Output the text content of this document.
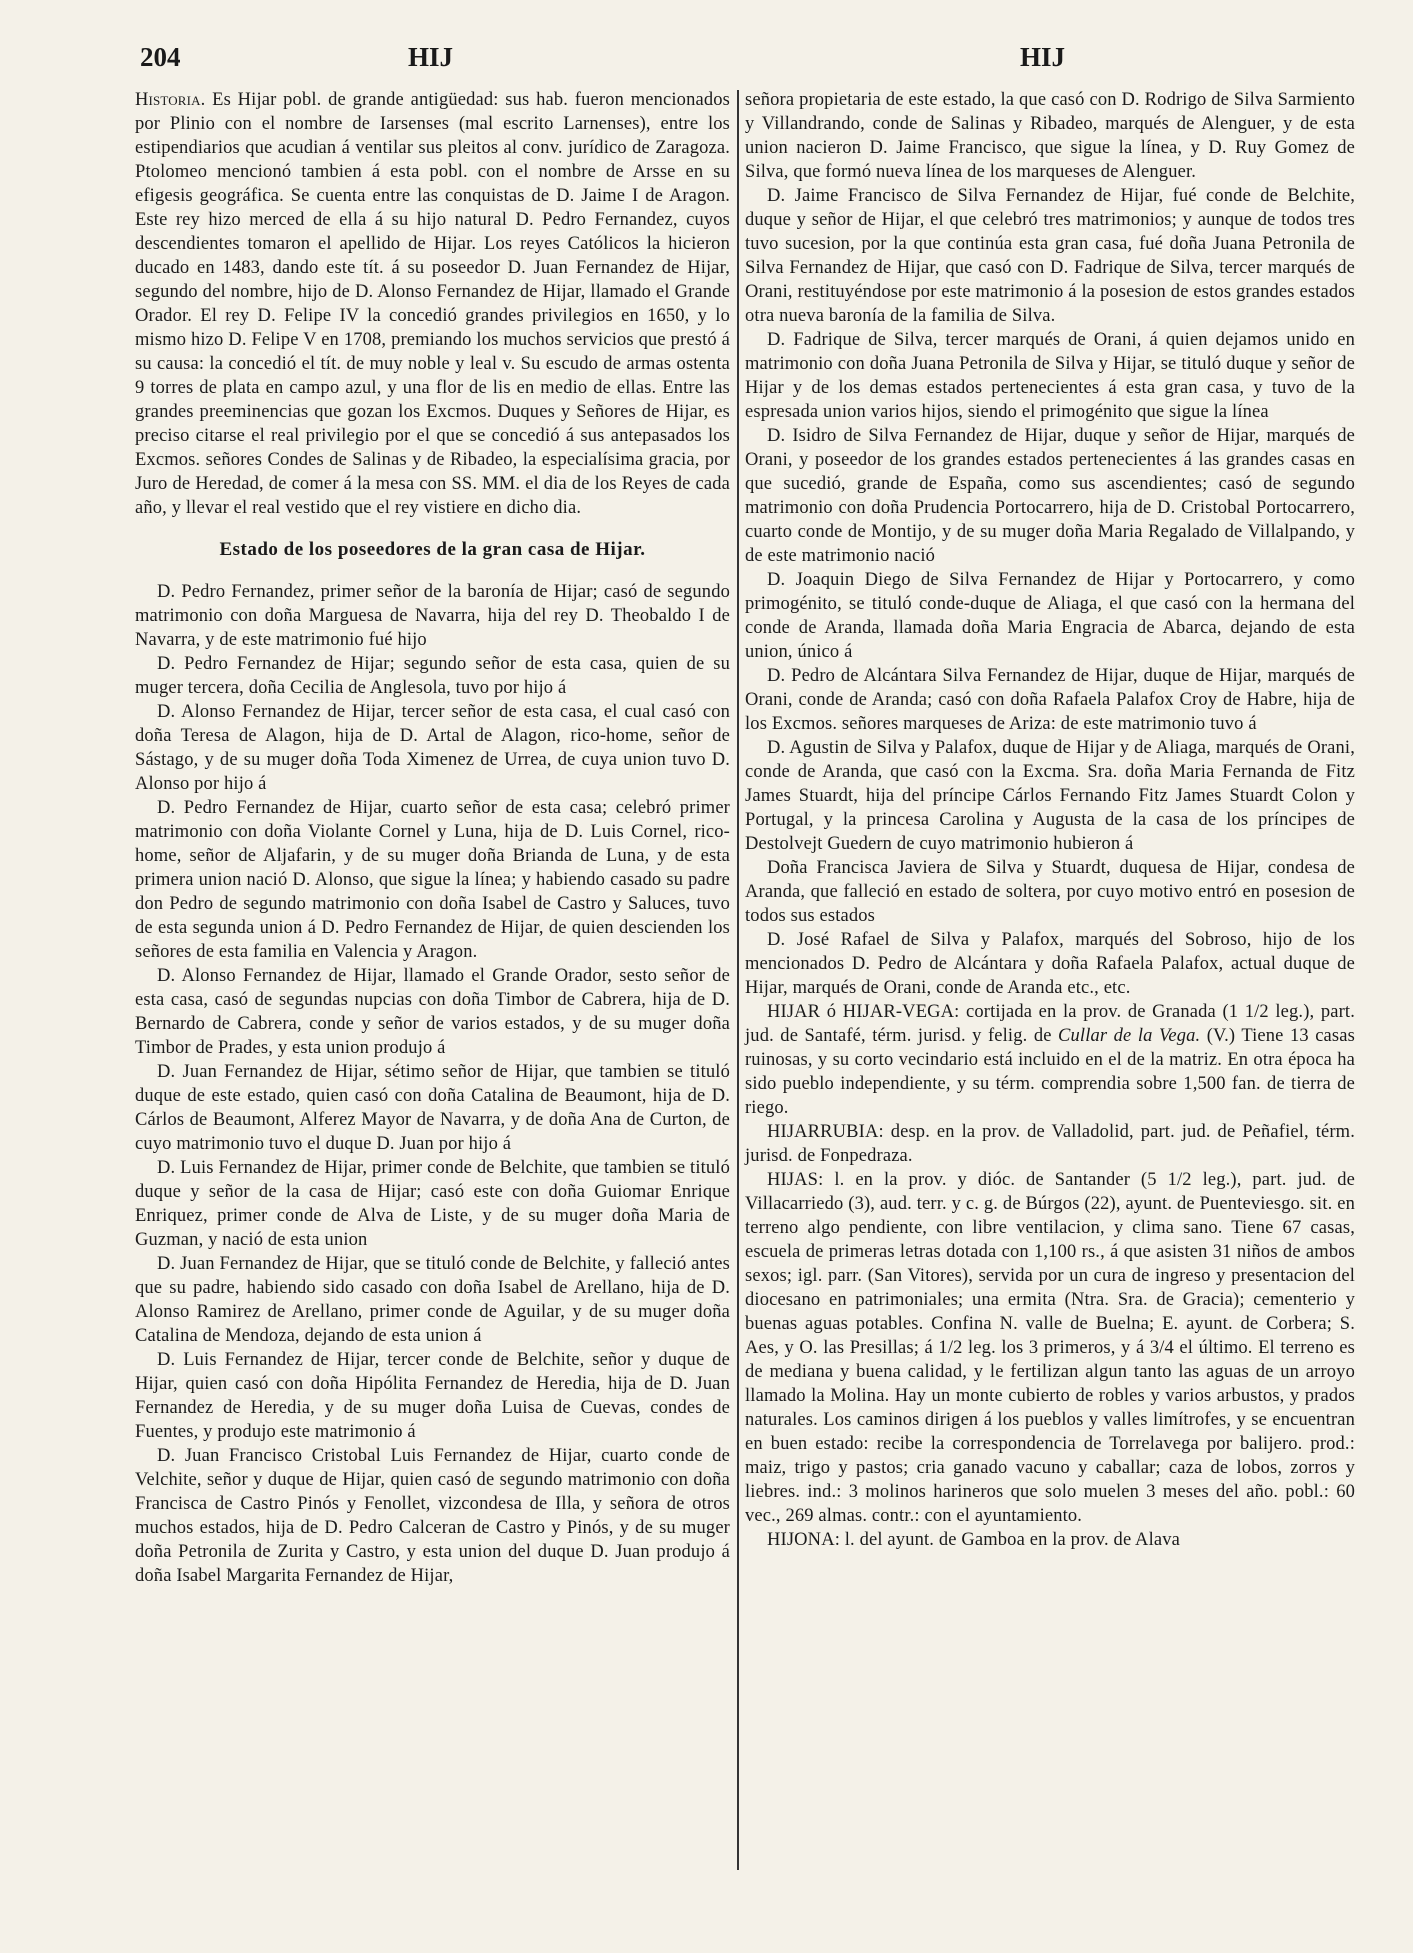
204	HIJ	HIJ

Historia. Es Hijar pobl. de grande antigüedad: sus hab. fueron mencionados por Plinio con el nombre de Iarsenses (mal escrito Larnenses), entre los estipendiarios que acudian á ventilar sus pleitos al conv. jurídico de Zaragoza. Ptolomeo mencionó tambien á esta pobl. con el nombre de Arsse en su efigesis geográfica. Se cuenta entre las conquistas de D. Jaime I de Aragon. Este rey hizo merced de ella á su hijo natural D. Pedro Fernandez, cuyos descendientes tomaron el apellido de Hijar. Los reyes Católicos la hicieron ducado en 1483, dando este tít. á su poseedor D. Juan Fernandez de Hijar, segundo del nombre, hijo de D. Alonso Fernandez de Hijar, llamado el Grande Orador. El rey D. Felipe IV la concedió grandes privilegios en 1650, y lo mismo hizo D. Felipe V en 1708, premiando los muchos servicios que prestó á su causa: la concedió el tít. de muy noble y leal v. Su escudo de armas ostenta 9 torres de plata en campo azul, y una flor de lis en medio de ellas. Entre las grandes preeminencias que gozan los Excmos. Duques y Señores de Hijar, es preciso citarse el real privilegio por el que se concedió á sus antepasados los Excmos. señores Condes de Salinas y de Ribadeo, la especialísima gracia, por Juro de Heredad, de comer á la mesa con SS. MM. el dia de los Reyes de cada año, y llevar el real vestido que el rey vistiere en dicho dia.

Estado de los poseedores de la gran casa de Hijar.

D. Pedro Fernandez, primer señor de la baronía de Hijar; casó de segundo matrimonio con doña Marguesa de Navarra, hija del rey D. Theobaldo I de Navarra, y de este matrimonio fué hijo

D. Pedro Fernandez de Hijar; segundo señor de esta casa, quien de su muger tercera, doña Cecilia de Anglesola, tuvo por hijo á

D. Alonso Fernandez de Hijar, tercer señor de esta casa, el cual casó con doña Teresa de Alagon, hija de D. Artal de Alagon, rico-home, señor de Sástago, y de su muger doña Toda Ximenez de Urrea, de cuya union tuvo D. Alonso por hijo á

D. Pedro Fernandez de Hijar, cuarto señor de esta casa; celebró primer matrimonio con doña Violante Cornel y Luna, hija de D. Luis Cornel, rico-home, señor de Aljafarin, y de su muger doña Brianda de Luna, y de esta primera union nació D. Alonso, que sigue la línea; y habiendo casado su padre don Pedro de segundo matrimonio con doña Isabel de Castro y Saluces, tuvo de esta segunda union á D. Pedro Fernandez de Hijar, de quien descienden los señores de esta familia en Valencia y Aragon.

D. Alonso Fernandez de Hijar, llamado el Grande Orador, sesto señor de esta casa, casó de segundas nupcias con doña Timbor de Cabrera, hija de D. Bernardo de Cabrera, conde y señor de varios estados, y de su muger doña Timbor de Prades, y esta union produjo á

D. Juan Fernandez de Hijar, sétimo señor de Hijar, que tambien se tituló duque de este estado, quien casó con doña Catalina de Beaumont, hija de D. Cárlos de Beaumont, Alferez Mayor de Navarra, y de doña Ana de Curton, de cuyo matrimonio tuvo el duque D. Juan por hijo á

D. Luis Fernandez de Hijar, primer conde de Belchite, que tambien se tituló duque y señor de la casa de Hijar; casó este con doña Guiomar Enrique Enriquez, primer conde de Alva de Liste, y de su muger doña Maria de Guzman, y nació de esta union

D. Juan Fernandez de Hijar, que se tituló conde de Belchite, y falleció antes que su padre, habiendo sido casado con doña Isabel de Arellano, hija de D. Alonso Ramirez de Arellano, primer conde de Aguilar, y de su muger doña Catalina de Mendoza, dejando de esta union á

D. Luis Fernandez de Hijar, tercer conde de Belchite, señor y duque de Hijar, quien casó con doña Hipólita Fernandez de Heredia, hija de D. Juan Fernandez de Heredia, y de su muger doña Luisa de Cuevas, condes de Fuentes, y produjo este matrimonio á

D. Juan Francisco Cristobal Luis Fernandez de Hijar, cuarto conde de Velchite, señor y duque de Hijar, quien casó de segundo matrimonio con doña Francisca de Castro Pinós y Fenollet, vizcondesa de Illa, y señora de otros muchos estados, hija de D. Pedro Calceran de Castro y Pinós, y de su muger doña Petronila de Zurita y Castro, y esta union del duque D. Juan produjo á doña Isabel Margarita Fernandez de Hijar,

señora propietaria de este estado, la que casó con D. Rodrigo de Silva Sarmiento y Villandrando, conde de Salinas y Ribadeo, marqués de Alenguer, y de esta union nacieron D. Jaime Francisco, que sigue la línea, y D. Ruy Gomez de Silva, que formó nueva línea de los marqueses de Alenguer.

D. Jaime Francisco de Silva Fernandez de Hijar, fué conde de Belchite, duque y señor de Hijar, el que celebró tres matrimonios; y aunque de todos tres tuvo sucesion, por la que continúa esta gran casa, fué doña Juana Petronila de Silva Fernandez de Hijar, que casó con D. Fadrique de Silva, tercer marqués de Orani, restituyéndose por este matrimonio á la posesion de estos grandes estados otra nueva baronía de la familia de Silva.

D. Fadrique de Silva, tercer marqués de Orani, á quien dejamos unido en matrimonio con doña Juana Petronila de Silva y Hijar, se tituló duque y señor de Hijar y de los demas estados pertenecientes á esta gran casa, y tuvo de la espresada union varios hijos, siendo el primogénito que sigue la línea

D. Isidro de Silva Fernandez de Hijar, duque y señor de Hijar, marqués de Orani, y poseedor de los grandes estados pertenecientes á las grandes casas en que sucedió, grande de España, como sus ascendientes; casó de segundo matrimonio con doña Prudencia Portocarrero, hija de D. Cristobal Portocarrero, cuarto conde de Montijo, y de su muger doña Maria Regalado de Villalpando, y de este matrimonio nació

D. Joaquin Diego de Silva Fernandez de Hijar y Portocarrero, y como primogénito, se tituló conde-duque de Aliaga, el que casó con la hermana del conde de Aranda, llamada doña Maria Engracia de Abarca, dejando de esta union, único á

D. Pedro de Alcántara Silva Fernandez de Hijar, duque de Hijar, marqués de Orani, conde de Aranda; casó con doña Rafaela Palafox Croy de Habre, hija de los Excmos. señores marqueses de Ariza: de este matrimonio tuvo á

D. Agustin de Silva y Palafox, duque de Hijar y de Aliaga, marqués de Orani, conde de Aranda, que casó con la Excma. Sra. doña Maria Fernanda de Fitz James Stuardt, hija del príncipe Cárlos Fernando Fitz James Stuardt Colon y Portugal, y la princesa Carolina y Augusta de la casa de los príncipes de Destolvejt Guedern de cuyo matrimonio hubieron á

Doña Francisca Javiera de Silva y Stuardt, duquesa de Hijar, condesa de Aranda, que falleció en estado de soltera, por cuyo motivo entró en posesion de todos sus estados

D. José Rafael de Silva y Palafox, marqués del Sobroso, hijo de los mencionados D. Pedro de Alcántara y doña Rafaela Palafox, actual duque de Hijar, marqués de Orani, conde de Aranda etc., etc.

HIJAR ó HIJAR-VEGA: cortijada en la prov. de Granada (1 1/2 leg.), part. jud. de Santafé, térm. jurisd. y felig. de Cullar de la Vega. (V.) Tiene 13 casas ruinosas, y su corto vecindario está incluido en el de la matriz. En otra época ha sido pueblo independiente, y su térm. comprendia sobre 1,500 fan. de tierra de riego.

HIJARRUBIA: desp. en la prov. de Valladolid, part. jud. de Peñafiel, térm. jurisd. de Fonpedraza.

HIJAS: l. en la prov. y dióc. de Santander (5 1/2 leg.), part. jud. de Villacarriedo (3), aud. terr. y c. g. de Búrgos (22), ayunt. de Puenteviesgo. sit. en terreno algo pendiente, con libre ventilacion, y clima sano. Tiene 67 casas, escuela de primeras letras dotada con 1,100 rs., á que asisten 31 niños de ambos sexos; igl. parr. (San Vitores), servida por un cura de ingreso y presentacion del diocesano en patrimoniales; una ermita (Ntra. Sra. de Gracia); cementerio y buenas aguas potables. Confina N. valle de Buelna; E. ayunt. de Corbera; S. Aes, y O. las Presillas; á 1/2 leg. los 3 primeros, y á 3/4 el último. El terreno es de mediana y buena calidad, y le fertilizan algun tanto las aguas de un arroyo llamado la Molina. Hay un monte cubierto de robles y varios arbustos, y prados naturales. Los caminos dirigen á los pueblos y valles limítrofes, y se encuentran en buen estado: recibe la correspondencia de Torrelavega por balijero. prod.: maiz, trigo y pastos; cria ganado vacuno y caballar; caza de lobos, zorros y liebres. ind.: 3 molinos harineros que solo muelen 3 meses del año. pobl.: 60 vec., 269 almas. contr.: con el ayuntamiento.

HIJONA: l. del ayunt. de Gamboa en la prov. de Alava
